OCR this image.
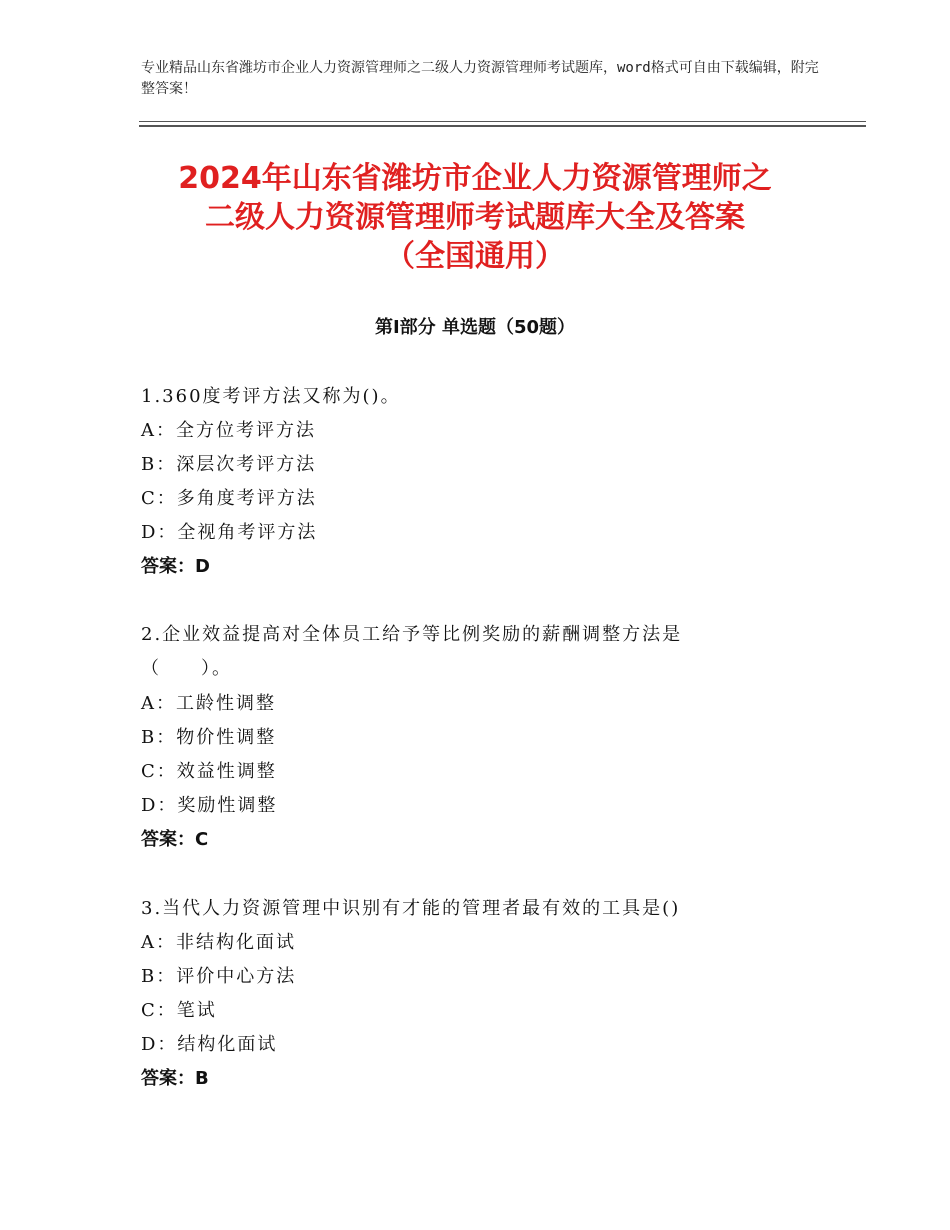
专业精品山东省潍坊市企业人力资源管理师之二级人力资源管理师考试题库，word格式可自由下载编辑，附完整答案！
2024年山东省潍坊市企业人力资源管理师之
二级人力资源管理师考试题库大全及答案
（全国通用）
第Ⅰ部分 单选题（50题）
1.360度考评方法又称为()。
A：全方位考评方法
B：深层次考评方法
C：多角度考评方法
D：全视角考评方法
答案：D
2.企业效益提高对全体员工给予等比例奖励的薪酬调整方法是
（　　）。
A：工龄性调整
B：物价性调整
C：效益性调整
D：奖励性调整
答案：C
3.当代人力资源管理中识别有才能的管理者最有效的工具是()
A：非结构化面试
B：评价中心方法
C：笔试
D：结构化面试
答案：B
